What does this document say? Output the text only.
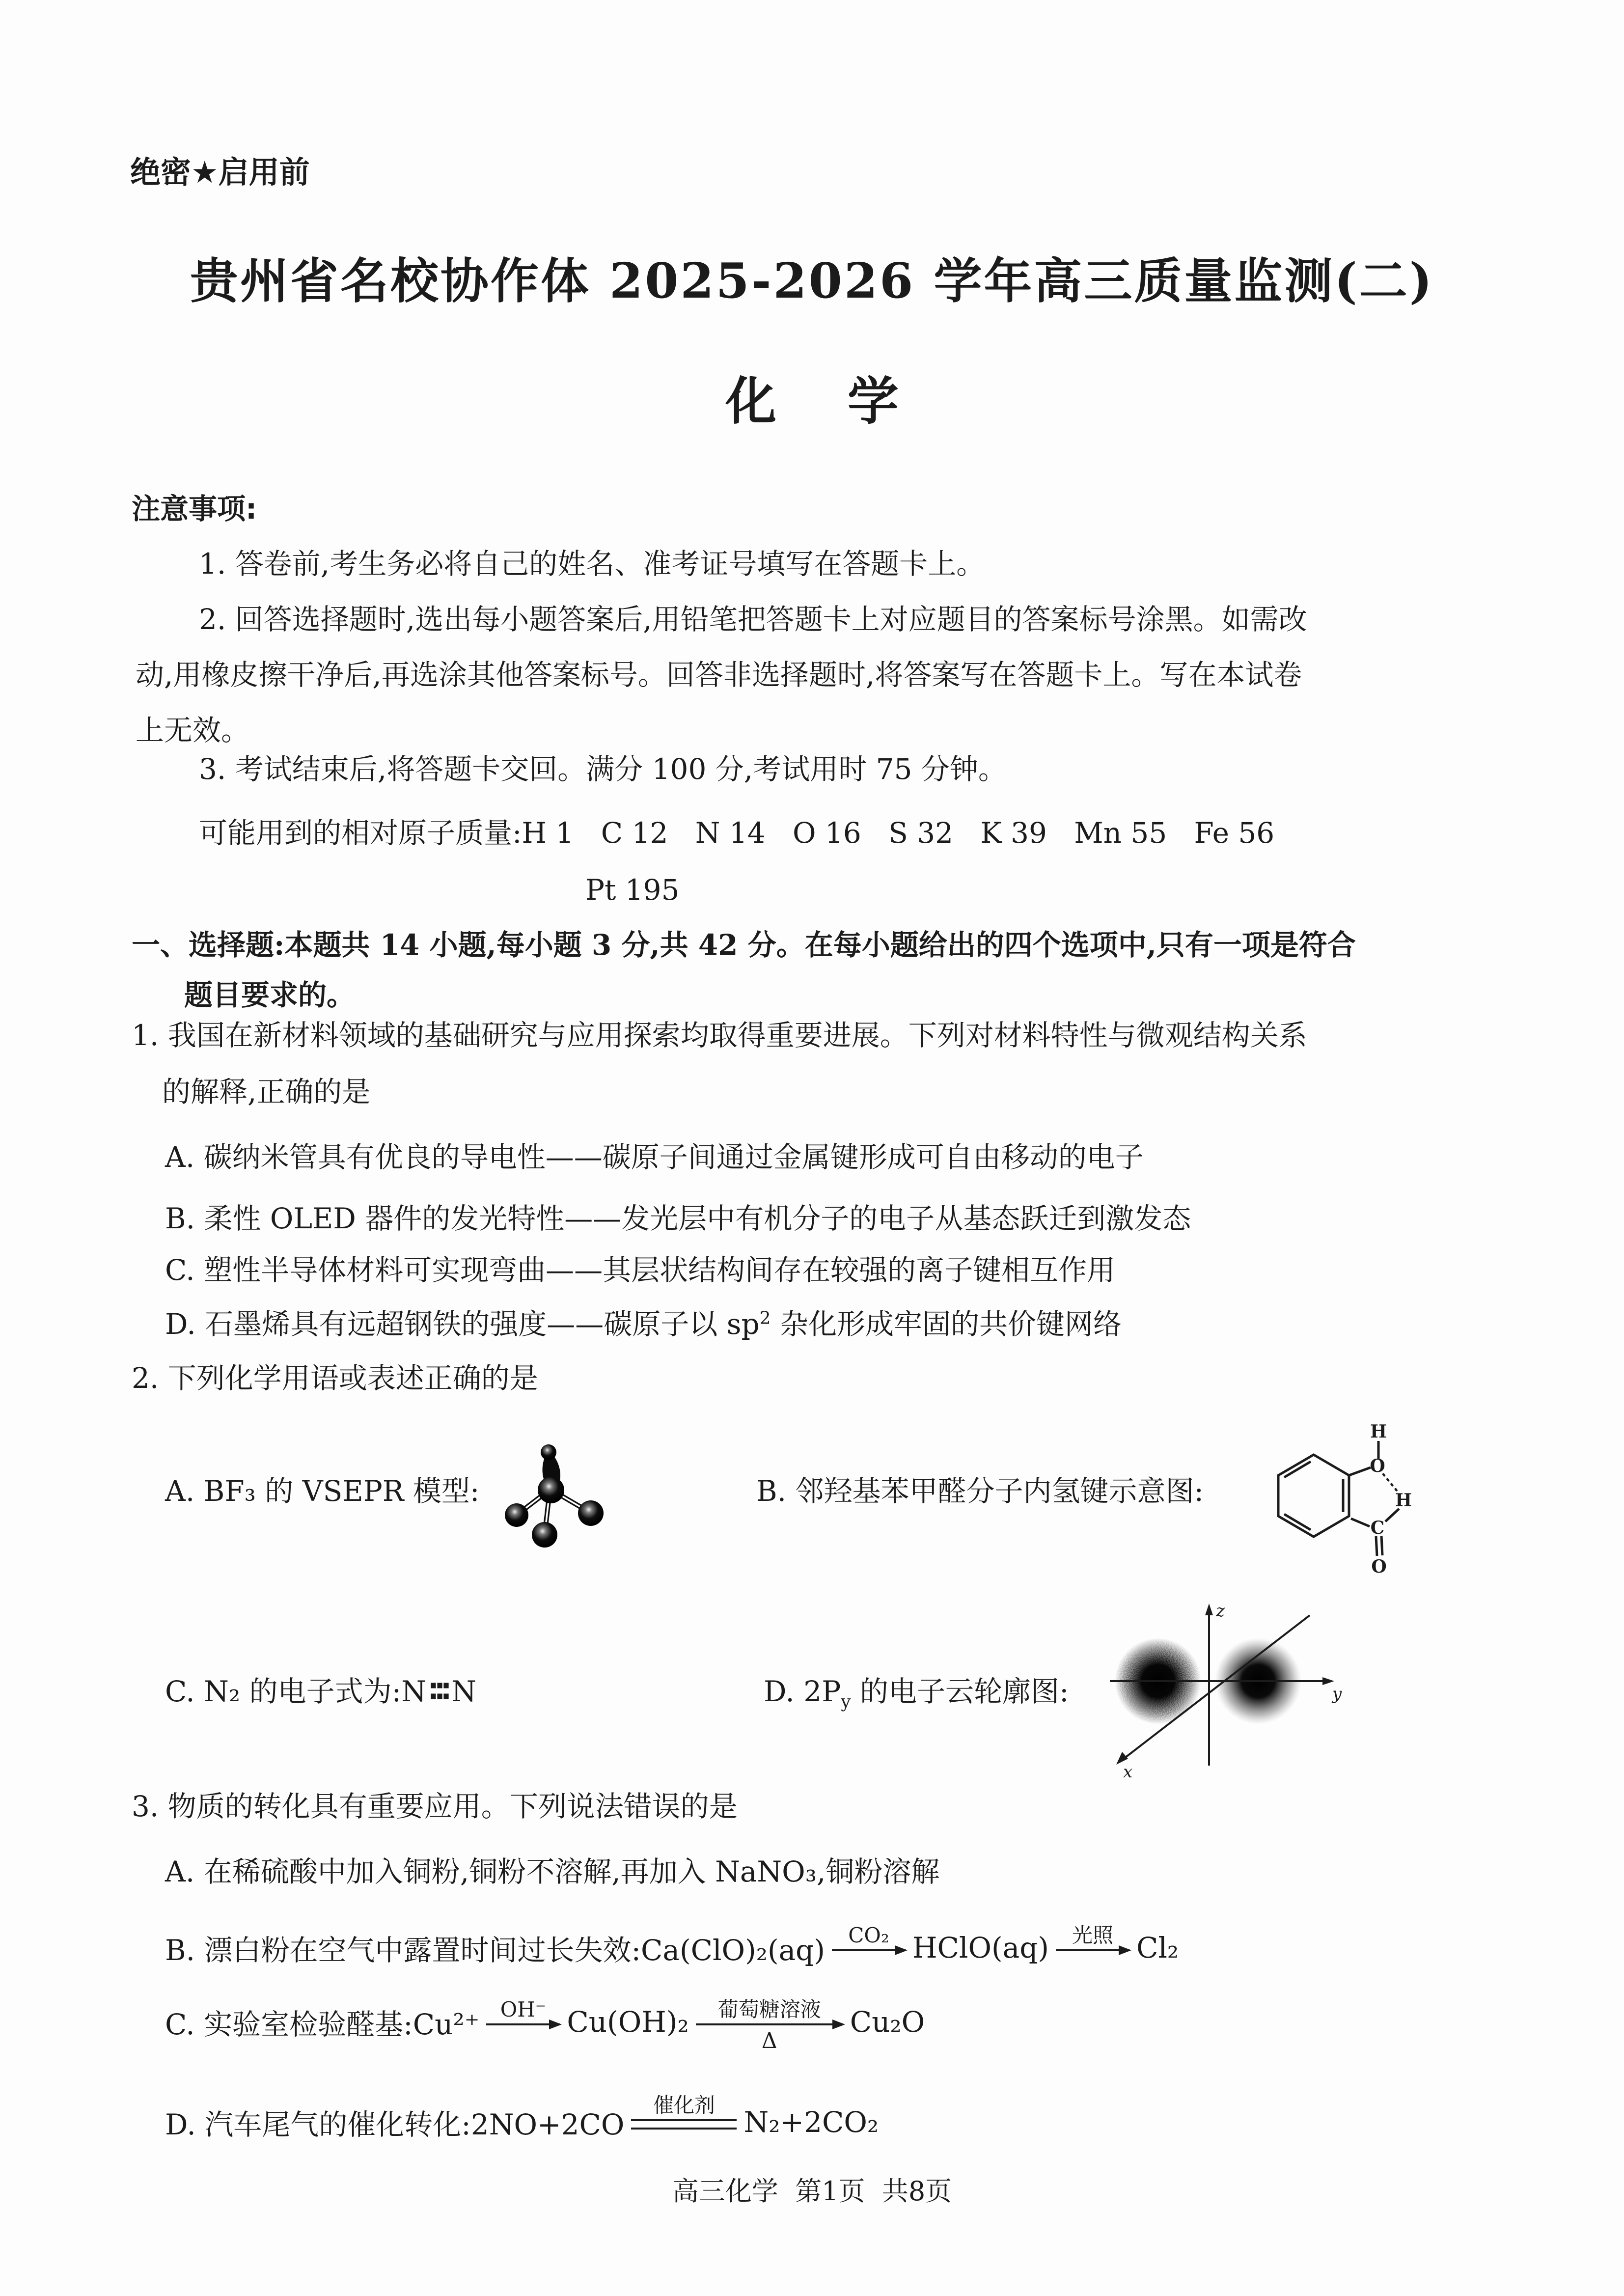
绝密★启用前
贵州省名校协作体 2025-2026 学年高三质量监测(二)
化    学
注意事项:
1. 答卷前,考生务必将自己的姓名、准考证号填写在答题卡上。
2. 回答选择题时,选出每小题答案后,用铅笔把答题卡上对应题目的答案标号涂黑。如需改
动,用橡皮擦干净后,再选涂其他答案标号。回答非选择题时,将答案写在答题卡上。写在本试卷
上无效。
3. 考试结束后,将答题卡交回。满分 100 分,考试用时 75 分钟。
可能用到的相对原子质量:H 1   C 12   N 14   O 16   S 32   K 39   Mn 55   Fe 56
Pt 195
一、选择题:本题共 14 小题,每小题 3 分,共 42 分。在每小题给出的四个选项中,只有一项是符合
题目要求的。
1. 我国在新材料领域的基础研究与应用探索均取得重要进展。下列对材料特性与微观结构关系
的解释,正确的是
A. 碳纳米管具有优良的导电性——碳原子间通过金属键形成可自由移动的电子
B. 柔性 OLED 器件的发光特性——发光层中有机分子的电子从基态跃迁到激发态
C. 塑性半导体材料可实现弯曲——其层状结构间存在较强的离子键相互作用
D. 石墨烯具有远超钢铁的强度——碳原子以 $sp^2$ 杂化形成牢固的共价键网络
2. 下列化学用语或表述正确的是
A. BF₃ 的 VSEPR 模型:	B. 邻羟基苯甲醛分子内氢键示意图:
H
O
H
C
O
C. N₂ 的电子式为:N ∶∶∶ N	D. $2P_y$ 的电子云轮廓图:
z
y
x
3. 物质的转化具有重要应用。下列说法错误的是
A. 在稀硫酸中加入铜粉,铜粉不溶解,再加入 NaNO₃,铜粉溶解
B. 漂白粉在空气中露置时间过长失效:Ca(ClO)₂(aq) CO₂ HClO(aq) 光照 Cl₂
C. 实验室检验醛基:Cu²⁺ OH⁻ Cu(OH)₂ 葡萄糖溶液
Δ
Cu₂O
D. 汽车尾气的催化转化:2NO+2CO
催化剂
N₂+2CO₂
高三化学  第1页  共8页
